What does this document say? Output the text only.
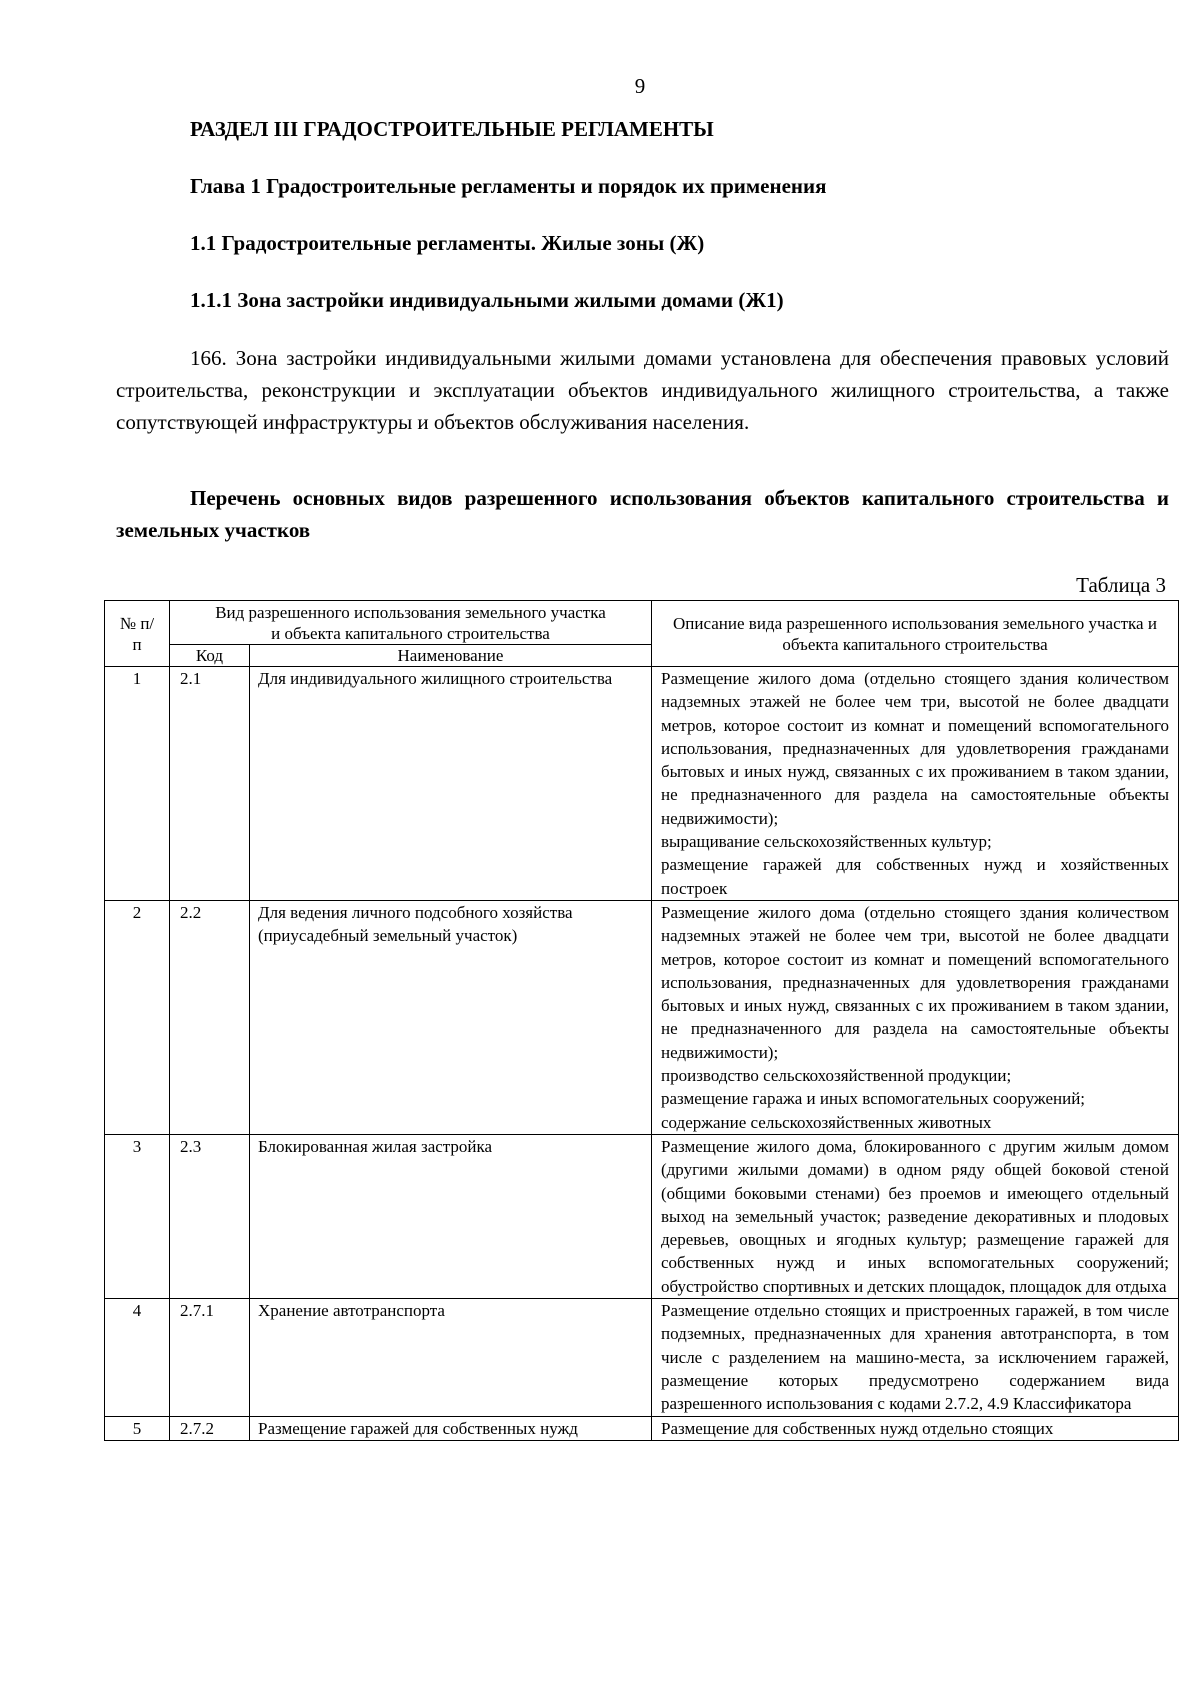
9
РАЗДЕЛ III ГРАДОСТРОИТЕЛЬНЫЕ РЕГЛАМЕНТЫ
Глава 1 Градостроительные регламенты и порядок их применения
1.1 Градостроительные регламенты. Жилые зоны (Ж)
1.1.1 Зона застройки индивидуальными жилыми домами (Ж1)

166. Зона застройки индивидуальными жилыми домами установлена для обеспечения правовых условий строительства, реконструкции и эксплуатации объектов индивидуального жилищного строительства, а также сопутствующей инфраструктуры и объектов обслуживания населения.

Перечень основных видов разрешенного использования объектов капитального строительства и земельных участков

Таблица 3
№ п/п	Вид разрешенного использования земельного участка и объекта капитального строительства		Описание вида разрешенного использования земельного участка и объекта капитального строительства
	Код	Наименование	
1	2.1	Для индивидуального жилищного строительства	Размещение жилого дома (отдельно стоящего здания количеством надземных этажей не более чем три, высотой не более двадцати метров, которое состоит из комнат и помещений вспомогательного использования, предназначенных для удовлетворения гражданами бытовых и иных нужд, связанных с их проживанием в таком здании, не предназначенного для раздела на самостоятельные объекты недвижимости);
выращивание сельскохозяйственных культур;
размещение гаражей для собственных нужд и хозяйственных построек

2	2.2	Для ведения личного подсобного хозяйства (приусадебный земельный участок)	Размещение жилого дома (отдельно стоящего здания количеством надземных этажей не более чем три, высотой не более двадцати метров, которое состоит из комнат и помещений вспомогательного использования, предназначенных для удовлетворения гражданами бытовых и иных нужд, связанных с их проживанием в таком здании, не предназначенного для раздела на самостоятельные объекты недвижимости);
производство сельскохозяйственной продукции;
размещение гаража и иных вспомогательных сооружений;
содержание сельскохозяйственных животных

3	2.3	Блокированная жилая застройка	Размещение жилого дома, блокированного с другим жилым домом (другими жилыми домами) в одном ряду общей боковой стеной (общими боковыми стенами) без проемов и имеющего отдельный выход на земельный участок; разведение декоративных и плодовых деревьев, овощных и ягодных культур; размещение гаражей для собственных нужд и иных вспомогательных сооружений; обустройство спортивных и детских площадок, площадок для отдыха

4	2.7.1	Хранение автотранспорта	Размещение отдельно стоящих и пристроенных гаражей, в том числе подземных, предназначенных для хранения автотранспорта, в том числе с разделением на машино-места, за исключением гаражей, размещение которых предусмотрено содержанием вида разрешенного использования с кодами 2.7.2, 4.9 Классификатора

5	2.7.2	Размещение гаражей для собственных нужд	Размещение для собственных нужд отдельно стоящих
